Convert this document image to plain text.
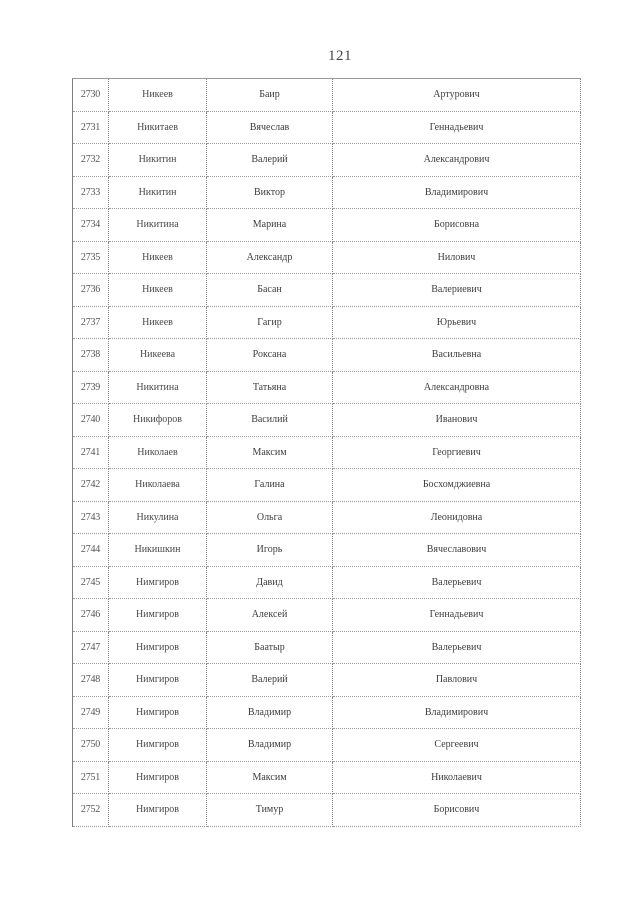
121
2730	Никеев	Баир	Артурович
2731	Никитаев	Вячеслав	Геннадьевич
2732	Никитин	Валерий	Александрович
2733	Никитин	Виктор	Владимирович
2734	Никитина	Марина	Борисовна
2735	Никеев	Александр	Нилович
2736	Никеев	Басан	Валериевич
2737	Никеев	Гагир	Юрьевич
2738	Никеева	Роксана	Васильевна
2739	Никитина	Татьяна	Александровна
2740	Никифоров	Василий	Иванович
2741	Николаев	Максим	Георгиевич
2742	Николаева	Галина	Босхомджиевна
2743	Никулина	Ольга	Леонидовна
2744	Никишкин	Игорь	Вячеславович
2745	Нимгиров	Давид	Валерьевич
2746	Нимгиров	Алексей	Геннадьевич
2747	Нимгиров	Баатыр	Валерьевич
2748	Нимгиров	Валерий	Павлович
2749	Нимгиров	Владимир	Владимирович
2750	Нимгиров	Владимир	Сергеевич
2751	Нимгиров	Максим	Николаевич
2752	Нимгиров	Тимур	Борисович
